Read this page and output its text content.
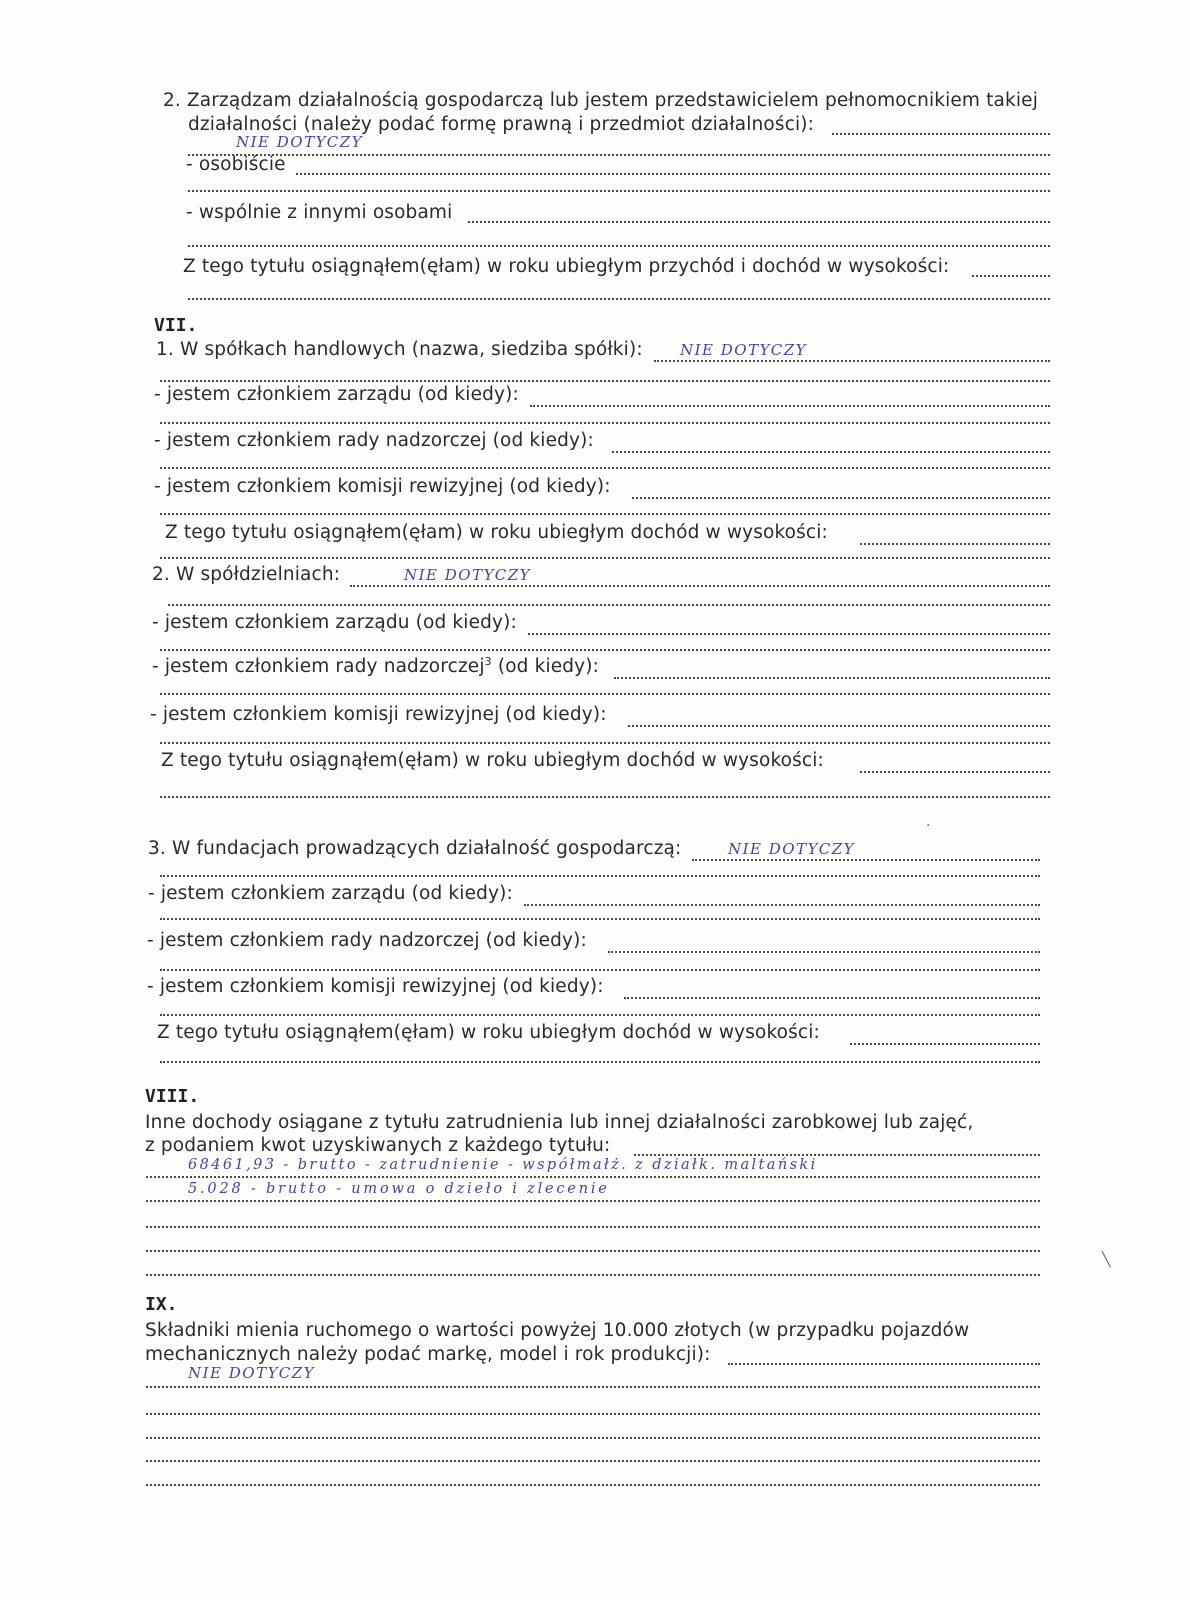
2. Zarządzam działalnością gospodarczą lub jestem przedstawicielem pełnomocnikiem takiej
działalności (należy podać formę prawną i przedmiot działalności):
NIE DOTYCZY
- osobiście
- wspólnie z innymi osobami
Z tego tytułu osiągnąłem(ęłam) w roku ubiegłym przychód i dochód w wysokości:
VII.
1. W spółkach handlowych (nazwa, siedziba spółki): NIE DOTYCZY
- jestem członkiem zarządu (od kiedy):
- jestem członkiem rady nadzorczej (od kiedy):
- jestem członkiem komisji rewizyjnej (od kiedy):
Z tego tytułu osiągnąłem(ęłam) w roku ubiegłym dochód w wysokości:
2. W spółdzielniach:	NIE DOTYCZY
- jestem członkiem zarządu (od kiedy):
- jestem członkiem rady nadzorczej$^3$ (od kiedy):
- jestem członkiem komisji rewizyjnej (od kiedy):
Z tego tytułu osiągnąłem(ęłam) w roku ubiegłym dochód w wysokości:
·
3. W fundacjach prowadzących działalność gospodarczą:	NIE DOTYCZY
- jestem członkiem zarządu (od kiedy):
- jestem członkiem rady nadzorczej (od kiedy):
- jestem członkiem komisji rewizyjnej (od kiedy):
Z tego tytułu osiągnąłem(ęłam) w roku ubiegłym dochód w wysokości:
VIII.
Inne dochody osiągane z tytułu zatrudnienia lub innej działalności zarobkowej lub zajęć,
z podaniem kwot uzyskiwanych z każdego tytułu:
68461,93 - brutto - zatrudnienie - współmałż. z działk. maltański
5.028 - brutto - umowa o dzieło i zlecenie
╲
IX.
Składniki mienia ruchomego o wartości powyżej 10.000 złotych (w przypadku pojazdów
mechanicznych należy podać markę, model i rok produkcji):
NIE DOTYCZY
